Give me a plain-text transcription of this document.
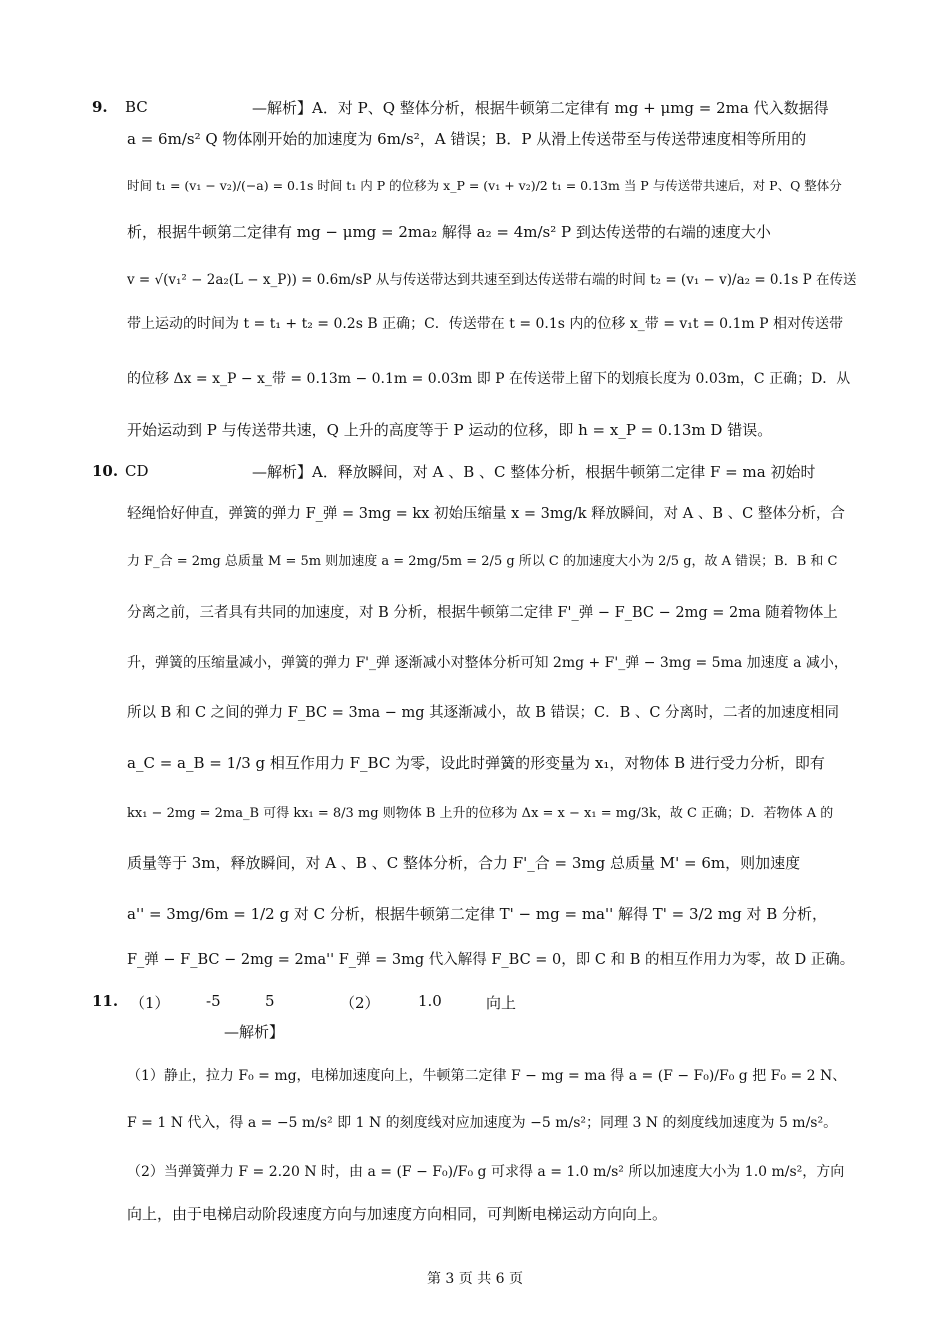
9. BC	—解析】A．对 P、Q 整体分析，根据牛顿第二定律有 mg + μmg = 2ma 代入数据得
a = 6m/s² Q 物体刚开始的加速度为 6m/s²，A 错误；B．P 从滑上传送带至与传送带速度相等所用的
时间 t₁ = (v₁ − v₂)/(−a) = 0.1s 时间 t₁ 内 P 的位移为 x_P = (v₁ + v₂)/2 t₁ = 0.13m 当 P 与传送带共速后，对 P、Q 整体分
析，根据牛顿第二定律有 mg − μmg = 2ma₂ 解得 a₂ = 4m/s² P 到达传送带的右端的速度大小
v = √(v₁² − 2a₂(L − x_P)) = 0.6m/sP 从与传送带达到共速至到达传送带右端的时间 t₂ = (v₁ − v)/a₂ = 0.1s P 在传送
带上运动的时间为 t = t₁ + t₂ = 0.2s B 正确；C．传送带在 t = 0.1s 内的位移 x_带 = v₁t = 0.1m P 相对传送带
的位移 Δx = x_P − x_带 = 0.13m − 0.1m = 0.03m 即 P 在传送带上留下的划痕长度为 0.03m，C 正确；D．从
开始运动到 P 与传送带共速，Q 上升的高度等于 P 运动的位移，即 h = x_P = 0.13m D 错误。
10. CD	—解析】A．释放瞬间，对 A 、B 、C 整体分析，根据牛顿第二定律 F = ma 初始时
轻绳恰好伸直，弹簧的弹力 F_弹 = 3mg = kx 初始压缩量 x = 3mg/k 释放瞬间，对 A 、B 、C 整体分析，合
力 F_合 = 2mg 总质量 M = 5m 则加速度 a = 2mg/5m = 2/5 g 所以 C 的加速度大小为 2/5 g，故 A 错误；B．B 和 C
分离之前，三者具有共同的加速度，对 B 分析，根据牛顿第二定律 F'_弹 − F_BC − 2mg = 2ma 随着物体上
升，弹簧的压缩量减小，弹簧的弹力 F'_弹 逐渐减小对整体分析可知 2mg + F'_弹 − 3mg = 5ma 加速度 a 减小，
所以 B 和 C 之间的弹力 F_BC = 3ma − mg 其逐渐减小，故 B 错误；C．B 、C 分离时，二者的加速度相同
a_C = a_B = 1/3 g 相互作用力 F_BC 为零，设此时弹簧的形变量为 x₁，对物体 B 进行受力分析，即有
kx₁ − 2mg = 2ma_B 可得 kx₁ = 8/3 mg 则物体 B 上升的位移为 Δx = x − x₁ = mg/3k，故 C 正确；D．若物体 A 的
质量等于 3m，释放瞬间，对 A 、B 、C 整体分析，合力 F'_合 = 3mg 总质量 M' = 6m，则加速度
a'' = 3mg/6m = 1/2 g 对 C 分析，根据牛顿第二定律 T' − mg = ma'' 解得 T' = 3/2 mg 对 B 分析，
F_弹 − F_BC − 2mg = 2ma'' F_弹 = 3mg 代入解得 F_BC = 0，即 C 和 B 的相互作用力为零，故 D 正确。
11. （1） -5	5	（2）	1.0	向上
—解析】
（1）静止，拉力 F₀ = mg，电梯加速度向上，牛顿第二定律 F − mg = ma 得 a = (F − F₀)/F₀ g 把 F₀ = 2 N、
F = 1 N 代入，得 a = −5 m/s² 即 1 N 的刻度线对应加速度为 −5 m/s²；同理 3 N 的刻度线加速度为 5 m/s²。
（2）当弹簧弹力 F = 2.20 N 时，由 a = (F − F₀)/F₀ g 可求得 a = 1.0 m/s² 所以加速度大小为 1.0 m/s²，方向
向上，由于电梯启动阶段速度方向与加速度方向相同，可判断电梯运动方向向上。
第 3 页 共 6 页
